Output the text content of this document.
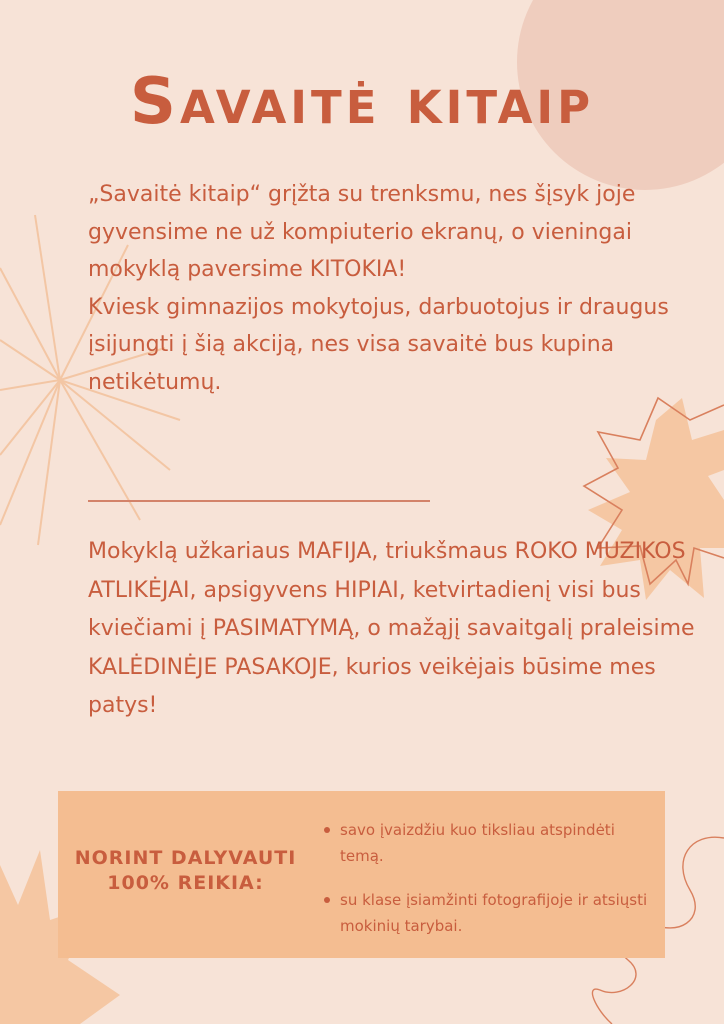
Savaitė kitaip

„Savaitė kitaip“ grįžta su trenksmu, nes šįsyk joje gyvensime ne už kompiuterio ekranų, o vieningai mokyklą paversime KITOKIA!

Kviesk gimnazijos mokytojus, darbuotojus ir draugus įsijungti į šią akciją, nes visa savaitė bus kupina netikėtumų.

Mokyklą užkariaus MAFIJA, triukšmaus ROKO MUZIKOS ATLIKĖJAI, apsigyvens HIPIAI, ketvirtadienį visi bus kviečiami į PASIMATYMĄ, o mažąjį savaitgalį praleisime KALĖDINĖJE PASAKOJE, kurios veikėjais būsime mes patys!

NORINT DALYVAUTI
100% REIKIA:

savo įvaizdžiu kuo tiksliau atspindėti temą.
su klase įsiamžinti fotografijoje ir atsiųsti mokinių tarybai.
